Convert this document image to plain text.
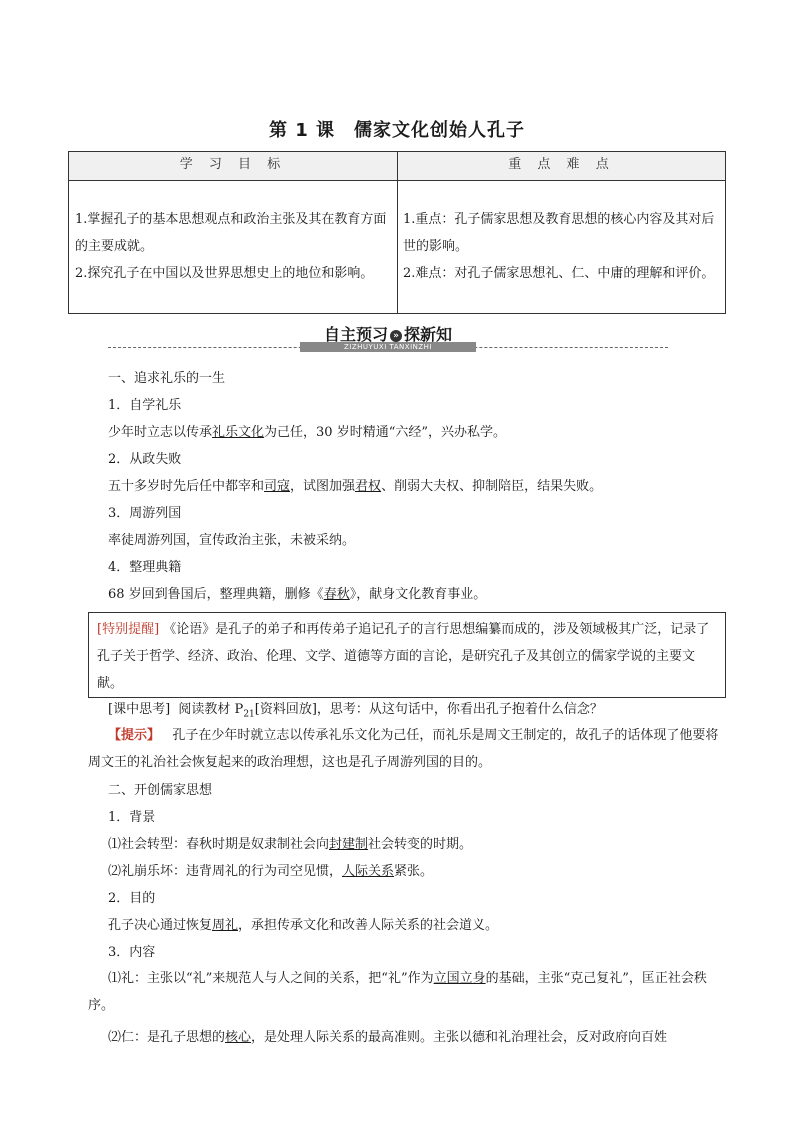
第 1 课　儒家文化创始人孔子
学 习 目 标	重 点 难 点
1.掌握孔子的基本思想观点和政治主张及其在教育方面的主要成就。
2.探究孔子在中国以及世界思想史上的地位和影响。
1.重点：孔子儒家思想及教育思想的核心内容及其对后世的影响。
2.难点：对孔子儒家思想礼、仁、中庸的理解和评价。
ZIZHUYUXI TANXINZHI
自主预习 » 探新知
一、追求礼乐的一生
1．自学礼乐
少年时立志以传承礼乐文化为己任，30 岁时精通“六经”，兴办私学。
2．从政失败
五十多岁时先后任中都宰和司寇，试图加强君权、削弱大夫权、抑制陪臣，结果失败。
3．周游列国
率徒周游列国，宣传政治主张，未被采纳。
4．整理典籍
68 岁回到鲁国后，整理典籍，删修《春秋》，献身文化教育事业。
[特别提醒] 《论语》是孔子的弟子和再传弟子追记孔子的言行思想编纂而成的，涉及领域极其广泛，记录了孔子关于哲学、经济、政治、伦理、文学、道德等方面的言论，是研究孔子及其创立的儒家学说的主要文献。
[课中思考] 阅读教材 $P_{21}$[资料回放]，思考：从这句话中，你看出孔子抱着什么信念？
【提示】 孔子在少年时就立志以传承礼乐文化为己任，而礼乐是周文王制定的，故孔子的话体现了他要将周文王的礼治社会恢复起来的政治理想，这也是孔子周游列国的目的。
二、开创儒家思想
1．背景
⑴社会转型：春秋时期是奴隶制社会向封建制社会转变的时期。
⑵礼崩乐坏：违背周礼的行为司空见惯，人际关系紧张。
2．目的
孔子决心通过恢复周礼，承担传承文化和改善人际关系的社会道义。
3．内容
⑴礼：主张以“礼”来规范人与人之间的关系，把“礼”作为立国立身的基础，主张“克己复礼”，匡正社会秩序。
⑵仁：是孔子思想的核心，是处理人际关系的最高准则。主张以德和礼治理社会，反对政府向百姓
